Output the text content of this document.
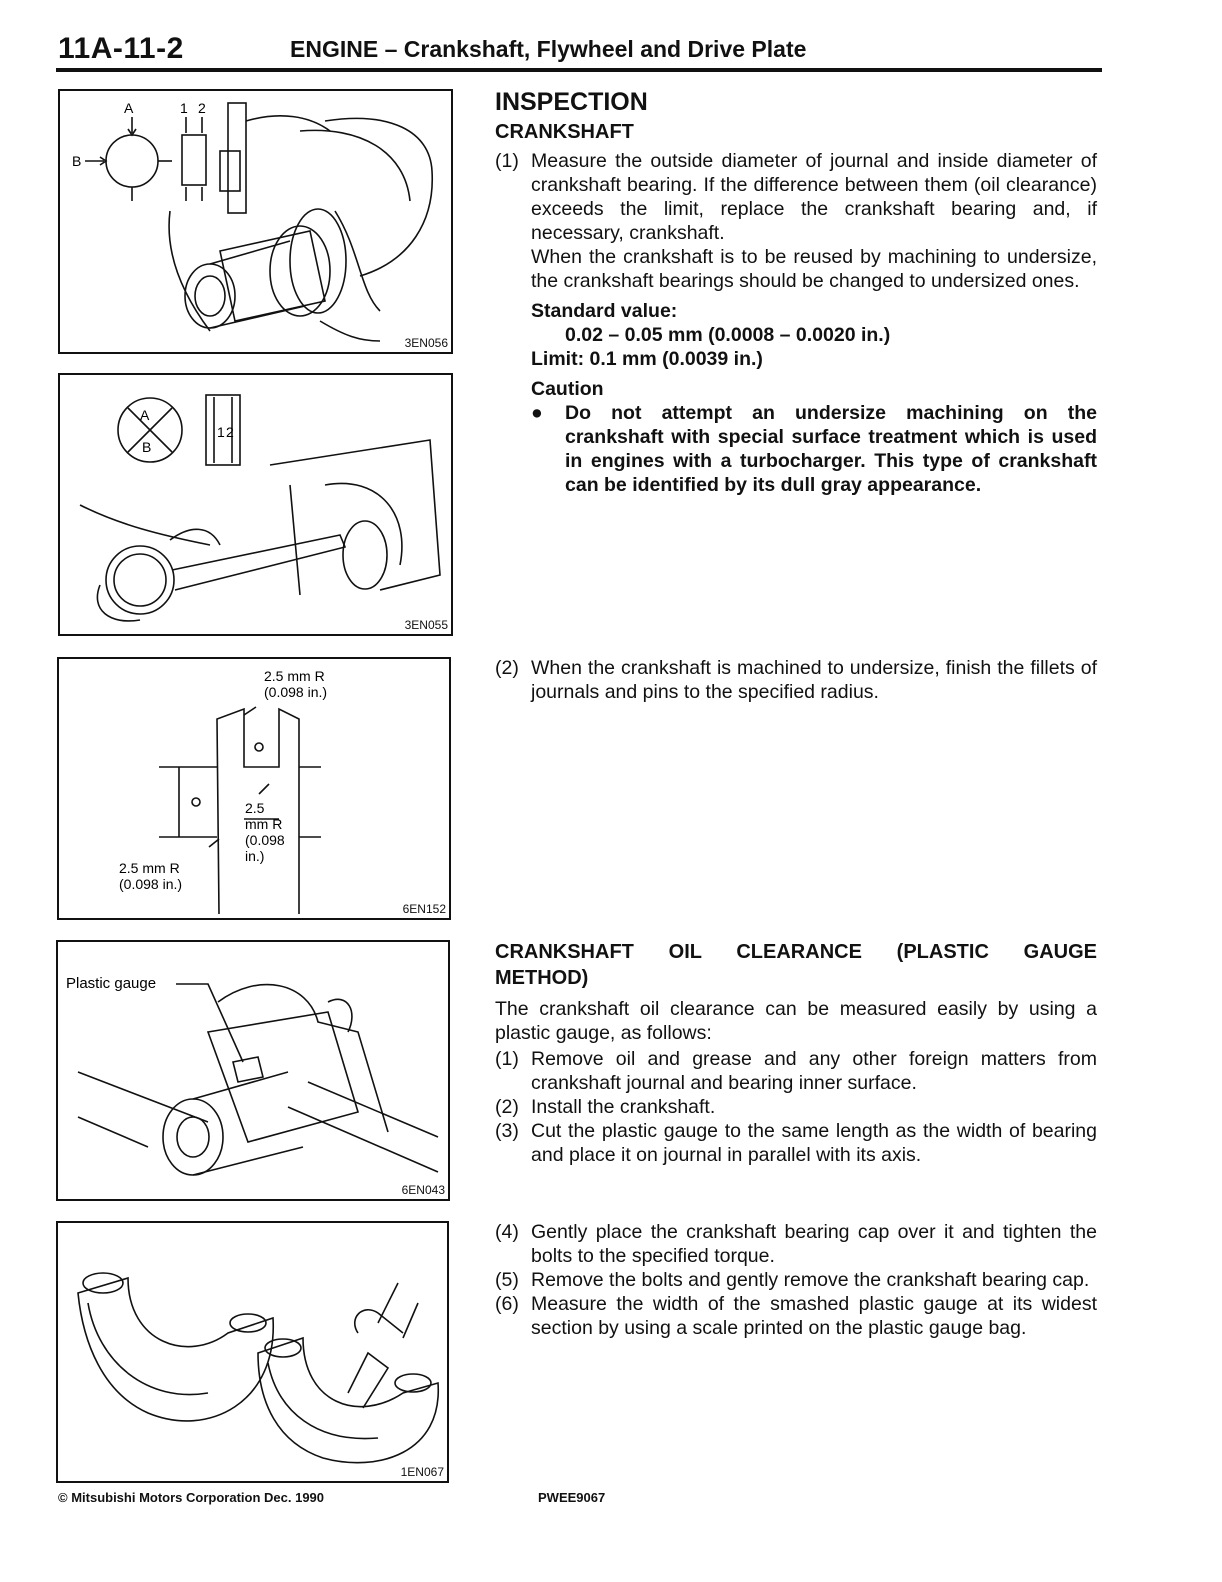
11A-11-2	ENGINE – Crankshaft, Flywheel and Drive Plate
A
B
1 2
3EN056
A
B
1 2
3EN055
2.5 mm R
(0.098 in.)
2.5
mm R
(0.098
in.)
2.5 mm R
(0.098 in.)
6EN152
Plastic gauge
6EN043
1EN067
INSPECTION
CRANKSHAFT
(1) Measure the outside diameter of journal and inside diameter of crankshaft bearing. If the difference between them (oil clearance) exceeds the limit, replace the crankshaft bearing and, if necessary, crankshaft.

When the crankshaft is to be reused by machining to undersize, the crankshaft bearings should be changed to undersized ones.

Standard value:
0.02 – 0.05 mm (0.0008 – 0.0020 in.)
Limit: 0.1 mm (0.0039 in.)
Caution
● Do not attempt an undersize machining on the crankshaft with special surface treatment which is used in engines with a turbocharger. This type of crankshaft can be identified by its dull gray appearance.
(2) When the crankshaft is machined to undersize, finish the fillets of journals and pins to the specified radius.

CRANKSHAFT OIL CLEARANCE (PLASTIC GAUGE METHOD)

The crankshaft oil clearance can be measured easily by using a plastic gauge, as follows:

(1) Remove oil and grease and any other foreign matters from crankshaft journal and bearing inner surface.

(2) Install the crankshaft.

(3) Cut the plastic gauge to the same length as the width of bearing and place it on journal in parallel with its axis.

(4) Gently place the crankshaft bearing cap over it and tighten the bolts to the specified torque.

(5) Remove the bolts and gently remove the crankshaft bearing cap.

(6) Measure the width of the smashed plastic gauge at its widest section by using a scale printed on the plastic gauge bag.

© Mitsubishi Motors Corporation Dec. 1990	PWEE9067
